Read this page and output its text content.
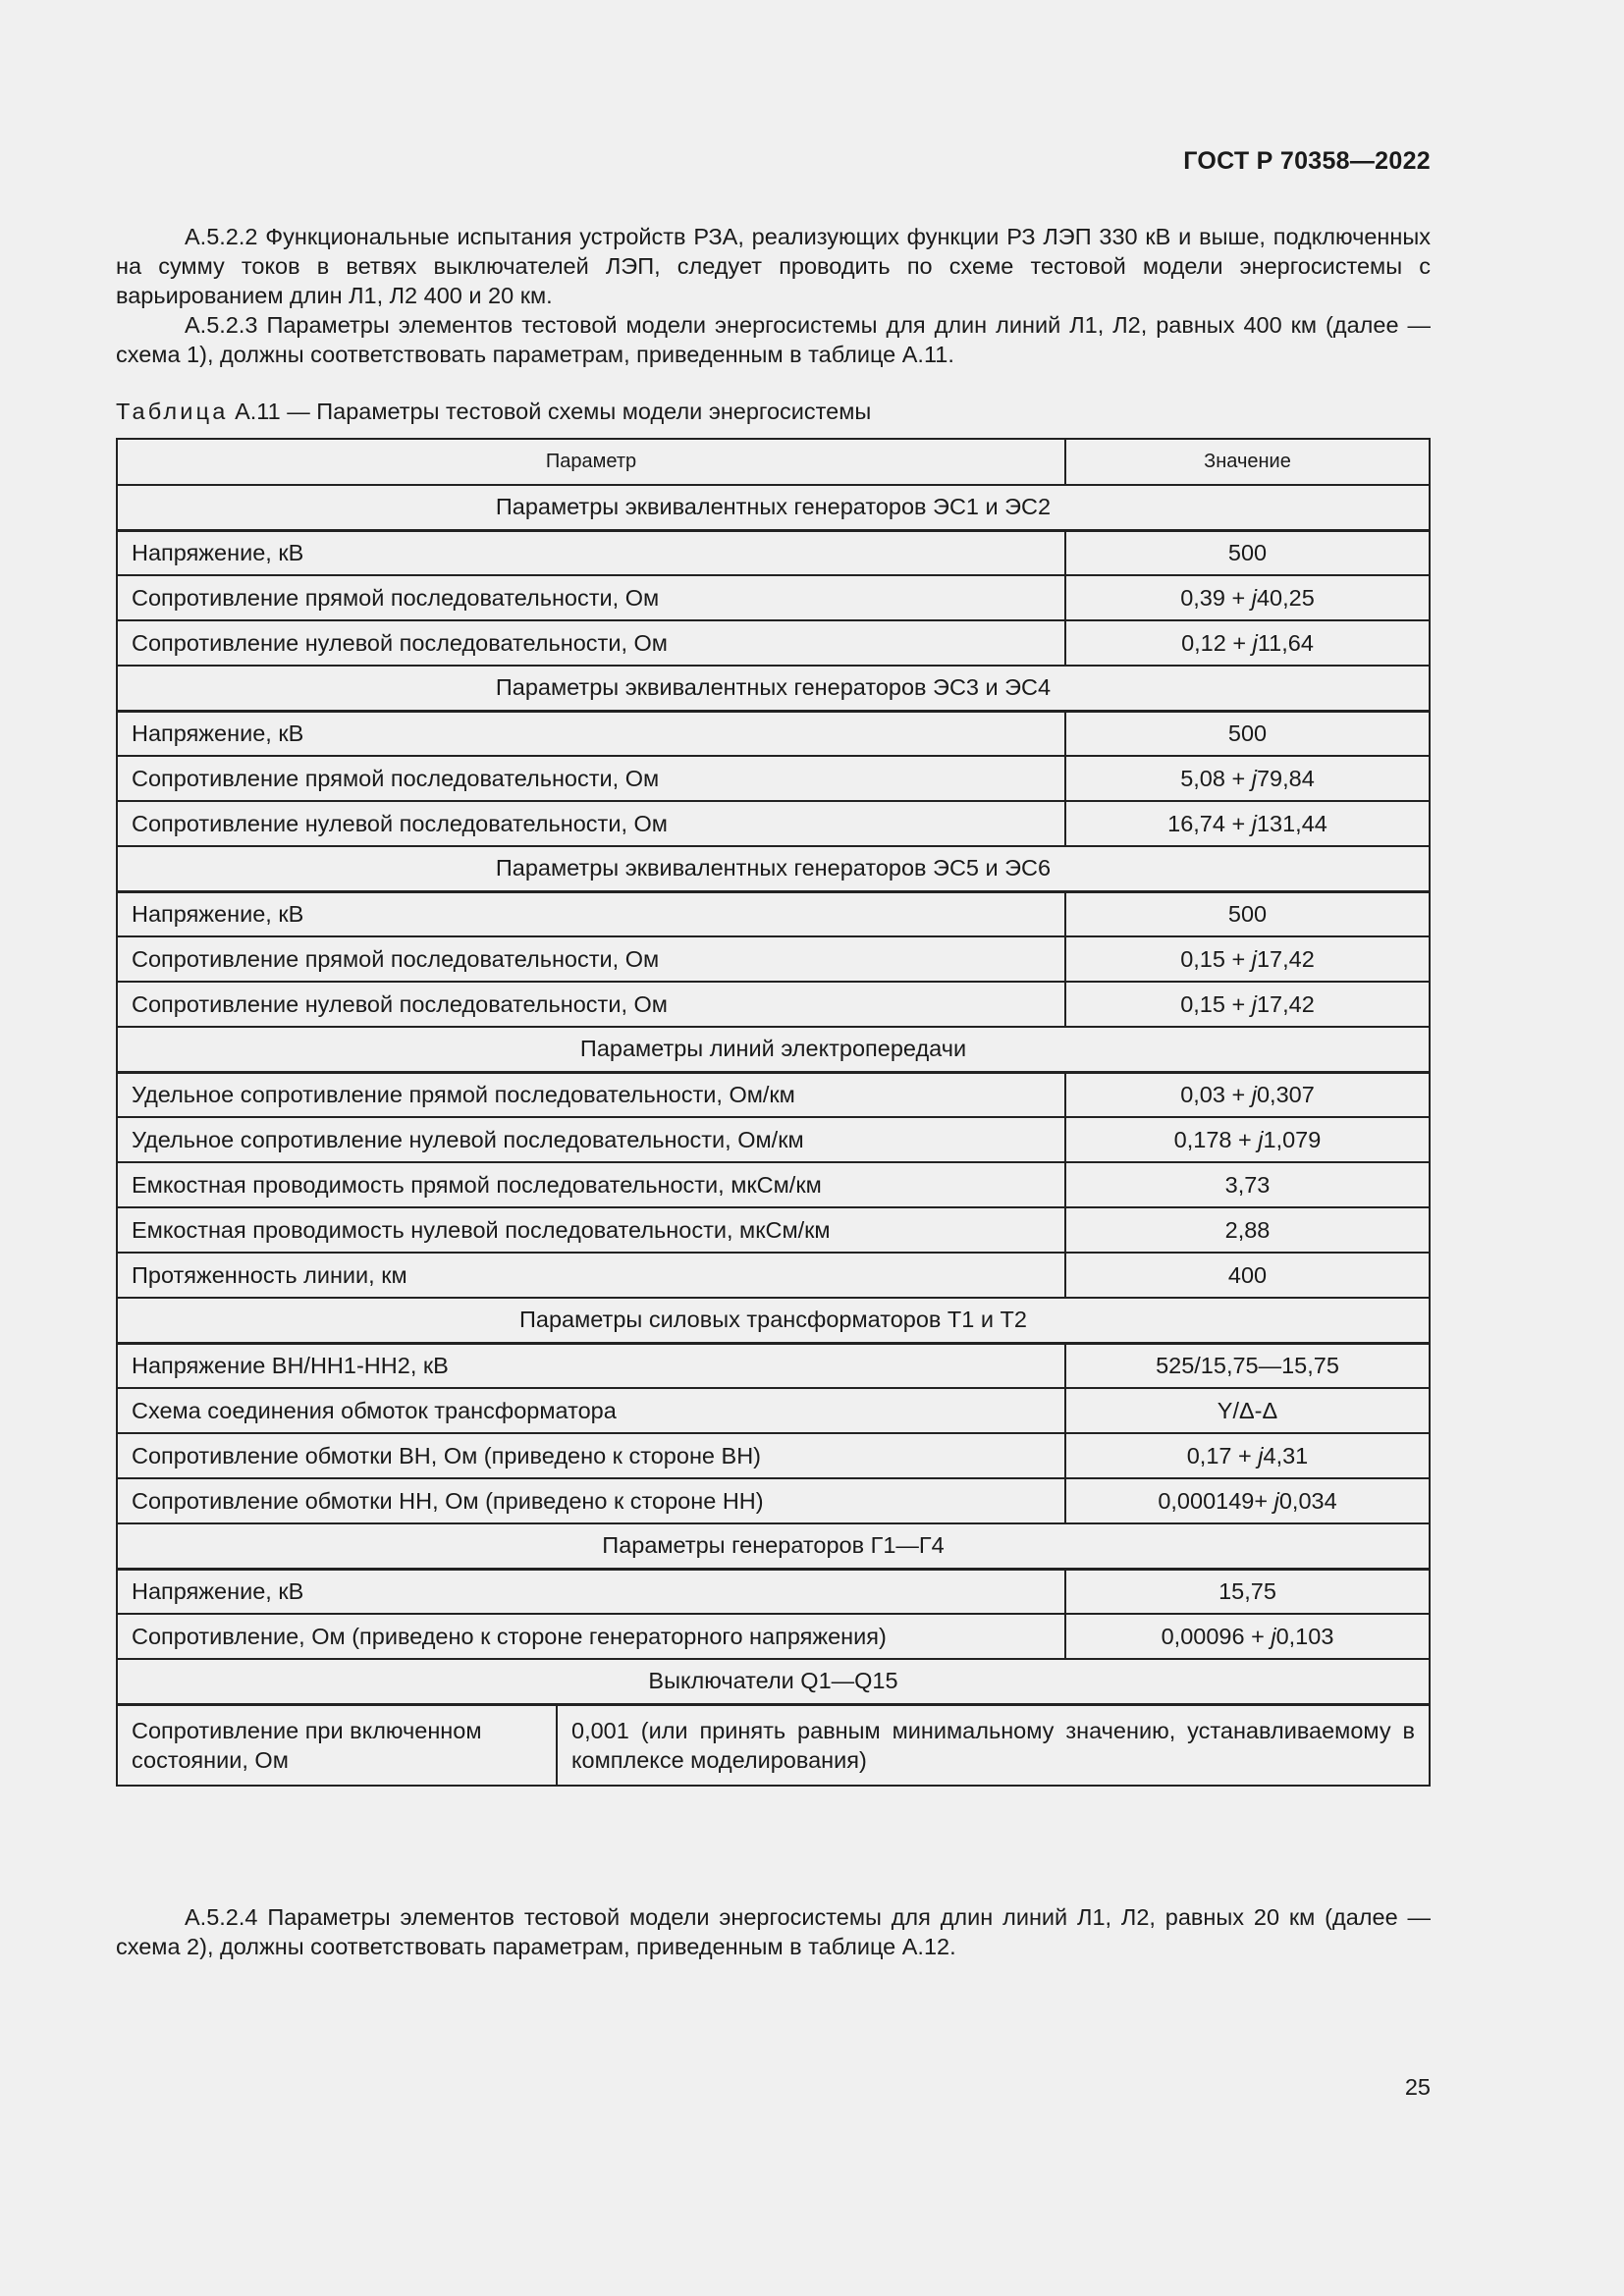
ГОСТ Р 70358—2022

А.5.2.2 Функциональные испытания устройств РЗА, реализующих функции РЗ ЛЭП 330 кВ и выше, подключенных на сумму токов в ветвях выключателей ЛЭП, следует проводить по схеме тестовой модели энергосистемы с варьированием длин Л1, Л2 400 и 20 км.

А.5.2.3 Параметры элементов тестовой модели энергосистемы для длин линий Л1, Л2, равных 400 км (далее — схема 1), должны соответствовать параметрам, приведенным в таблице А.11.

Таблица А.11 — Параметры тестовой схемы модели энергосистемы
Параметр	Значение
Параметры эквивалентных генераторов ЭС1 и ЭС2
Напряжение, кВ	500
Сопротивление прямой последовательности, Ом	0,39 + j40,25
Сопротивление нулевой последовательности, Ом	0,12 + j11,64
Параметры эквивалентных генераторов ЭС3 и ЭС4
Напряжение, кВ	500
Сопротивление прямой последовательности, Ом	5,08 + j79,84
Сопротивление нулевой последовательности, Ом	16,74 + j131,44
Параметры эквивалентных генераторов ЭС5 и ЭС6
Напряжение, кВ	500
Сопротивление прямой последовательности, Ом	0,15 + j17,42
Сопротивление нулевой последовательности, Ом	0,15 + j17,42
Параметры линий электропередачи
Удельное сопротивление прямой последовательности, Ом/км	0,03 + j0,307
Удельное сопротивление нулевой последовательности, Ом/км	0,178 + j1,079
Емкостная проводимость прямой последовательности, мкСм/км	3,73
Емкостная проводимость нулевой последовательности, мкСм/км	2,88
Протяженность линии, км	400
Параметры силовых трансформаторов Т1 и Т2
Напряжение ВН/НН1-НН2, кВ	525/15,75—15,75
Схема соединения обмоток трансформатора	Y/Δ-Δ
Сопротивление обмотки ВН, Ом (приведено к стороне ВН)	0,17 + j4,31
Сопротивление обмотки НН, Ом (приведено к стороне НН)	0,000149+ j0,034
Параметры генераторов Г1—Г4
Напряжение, кВ	15,75
Сопротивление, Ом (приведено к стороне генераторного напряжения)	0,00096 + j0,103
Выключатели Q1—Q15

Сопротивление при включенном состоянии, Ом	0,001 (или принять равным минимальному значению, устанавливаемому в комплексе моделирования)

А.5.2.4 Параметры элементов тестовой модели энергосистемы для длин линий Л1, Л2, равных 20 км (далее — схема 2), должны соответствовать параметрам, приведенным в таблице А.12.

25
